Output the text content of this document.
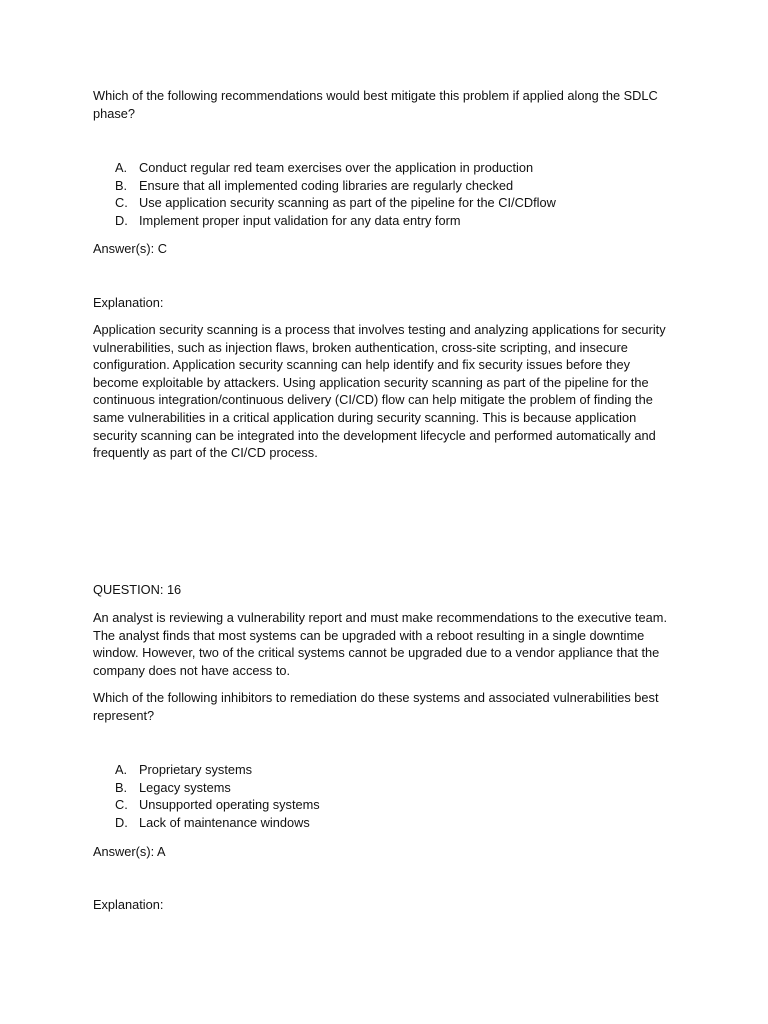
Which of the following recommendations would best mitigate this problem if applied along the SDLC phase?

A. Conduct regular red team exercises over the application in production
B. Ensure that all implemented coding libraries are regularly checked
C. Use application security scanning as part of the pipeline for the CI/CDflow
D. Implement proper input validation for any data entry form

Answer(s): C

Explanation:

Application security scanning is a process that involves testing and analyzing applications for security vulnerabilities, such as injection flaws, broken authentication, cross-site scripting, and insecure configuration. Application security scanning can help identify and fix security issues before they become exploitable by attackers. Using application security scanning as part of the pipeline for the continuous integration/continuous delivery (CI/CD) flow can help mitigate the problem of finding the same vulnerabilities in a critical application during security scanning. This is because application security scanning can be integrated into the development lifecycle and performed automatically and frequently as part of the CI/CD process.

QUESTION: 16

An analyst is reviewing a vulnerability report and must make recommendations to the executive team. The analyst finds that most systems can be upgraded with a reboot resulting in a single downtime window. However, two of the critical systems cannot be upgraded due to a vendor appliance that the company does not have access to.

Which of the following inhibitors to remediation do these systems and associated vulnerabilities best represent?

A. Proprietary systems
B. Legacy systems
C. Unsupported operating systems
D. Lack of maintenance windows

Answer(s): A

Explanation:
